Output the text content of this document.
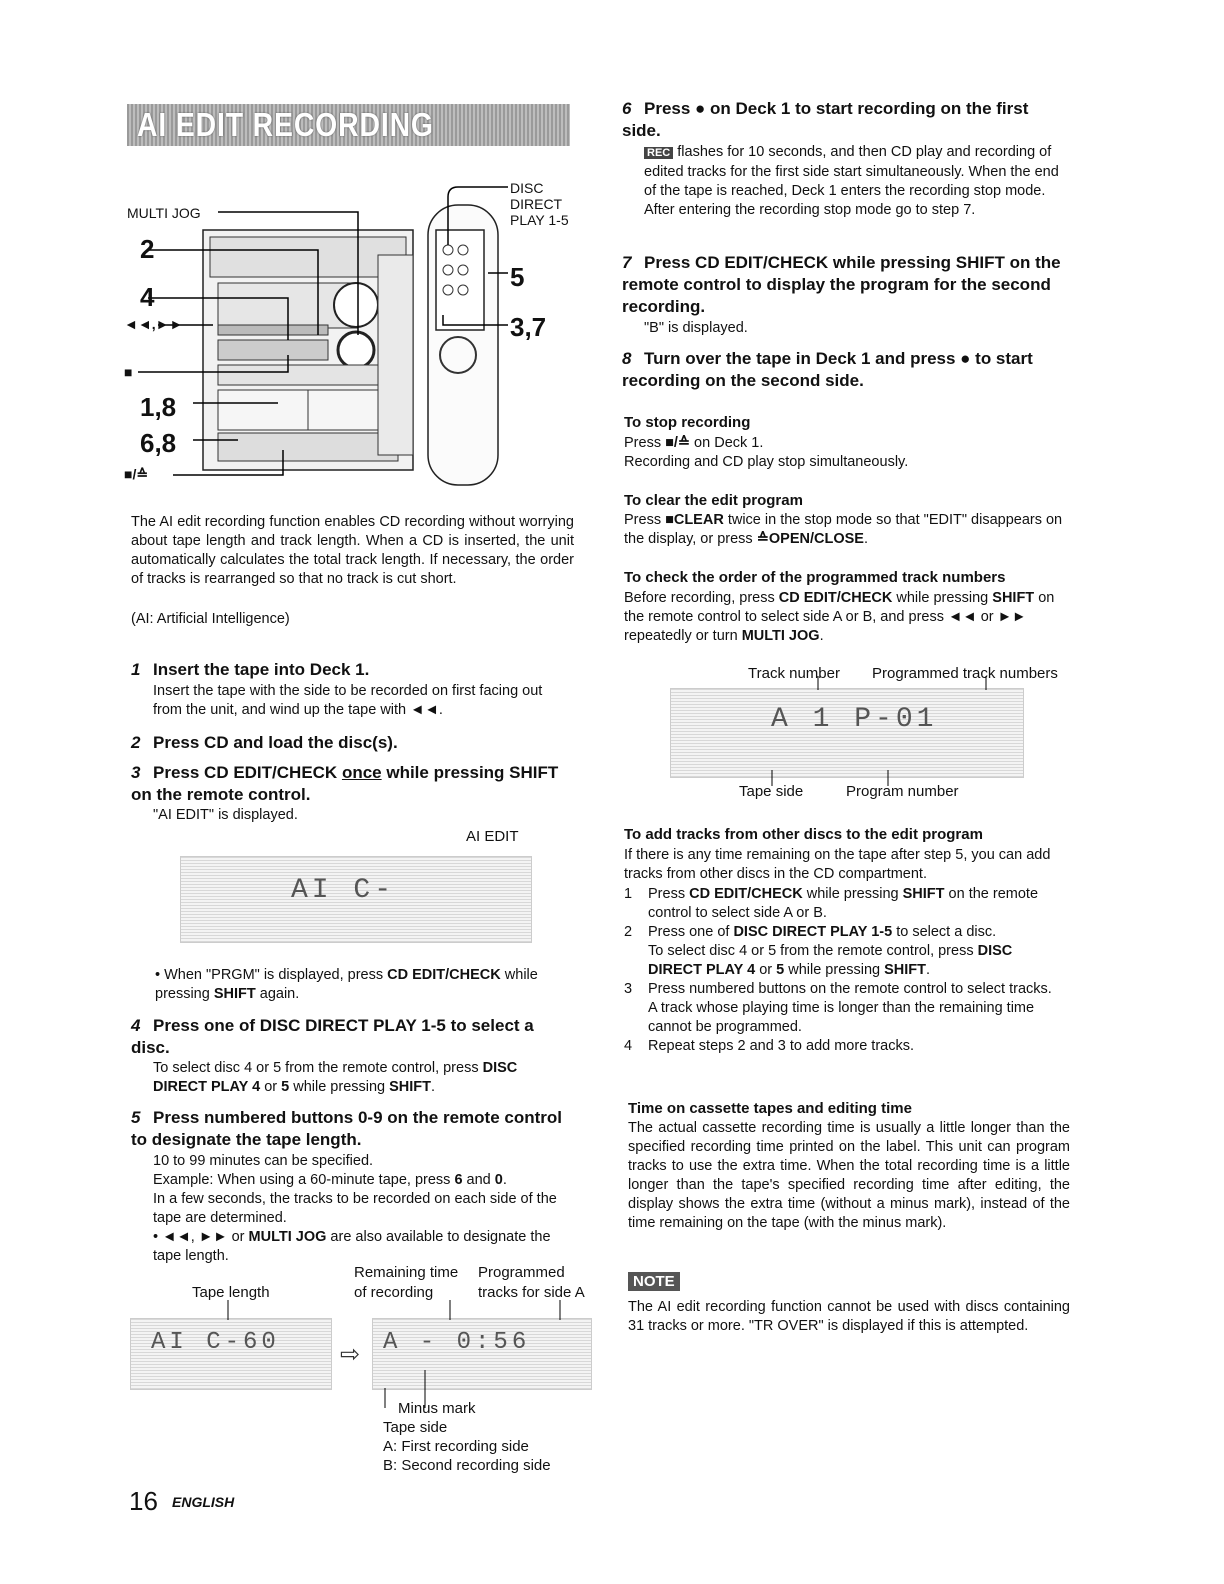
AI EDIT RECORDING
MULTI JOG
DISC
DIRECT
PLAY 1-5
2
4
◄◄,►►
■
1,8
6,8
■/≙
5
3,7
The AI edit recording function enables CD recording without worrying about tape length and track length. When a CD is inserted, the unit automatically calculates the total track length. If necessary, the order of tracks is rearranged so that no track is cut short.
(AI: Artificial Intelligence)
1 Insert the tape into Deck 1.
Insert the tape with the side to be recorded on first facing out from the unit, and wind up the tape with ◄◄.
2 Press CD and load the disc(s).
3 Press CD EDIT/CHECK once while pressing SHIFT on the remote control.
"AI EDIT" is displayed.
AI EDIT
AI C-
• When "PRGM" is displayed, press CD EDIT/CHECK while pressing SHIFT again.
4 Press one of DISC DIRECT PLAY 1-5 to select a disc.
To select disc 4 or 5 from the remote control, press DISC DIRECT PLAY 4 or 5 while pressing SHIFT.
5 Press numbered buttons 0-9 on the remote control to designate the tape length.
10 to 99 minutes can be specified.
Example: When using a 60-minute tape, press 6 and 0.
In a few seconds, the tracks to be recorded on each side of the tape are determined.
• ◄◄, ►► or MULTI JOG are also available to designate the tape length.
Tape length
Remaining time
of recording
Programmed
tracks for side A
AI C-60	⇨ A - 0:56
Minus mark
Tape side
A: First recording side
B: Second recording side
16 ENGLISH
6 Press ● on Deck 1 to start recording on the first side.
REC flashes for 10 seconds, and then CD play and recording of edited tracks for the first side start simultaneously. When the end of the tape is reached, Deck 1 enters the recording stop mode. After entering the recording stop mode go to step 7.
7 Press CD EDIT/CHECK while pressing SHIFT on the remote control to display the program for the second recording.
"B" is displayed.
8 Turn over the tape in Deck 1 and press ● to start recording on the second side.
To stop recording
Press ■/≙ on Deck 1.
Recording and CD play stop simultaneously.
To clear the edit program
Press ■CLEAR twice in the stop mode so that "EDIT" disappears on the display, or press ≙OPEN/CLOSE.
To check the order of the programmed track numbers
Before recording, press CD EDIT/CHECK while pressing SHIFT on the remote control to select side A or B, and press ◄◄ or ►► repeatedly or turn MULTI JOG.
Track number Programmed track numbers
A 1 P-01
Tape side	Program number
To add tracks from other discs to the edit program
If there is any time remaining on the tape after step 5, you can add tracks from other discs in the CD compartment.
1	Press CD EDIT/CHECK while pressing SHIFT on the remote control to select side A or B.
2	Press one of DISC DIRECT PLAY 1-5 to select a disc.
To select disc 4 or 5 from the remote control, press DISC DIRECT PLAY 4 or 5 while pressing SHIFT.
3	Press numbered buttons on the remote control to select tracks.
A track whose playing time is longer than the remaining time cannot be programmed.
4	Repeat steps 2 and 3 to add more tracks.
Time on cassette tapes and editing time
The actual cassette recording time is usually a little longer than the specified recording time printed on the label. This unit can program tracks to use the extra time. When the total recording time is a little longer than the tape's specified recording time after editing, the display shows the extra time (without a minus mark), instead of the time remaining on the tape (with the minus mark).
NOTE
The AI edit recording function cannot be used with discs containing 31 tracks or more. "TR OVER" is displayed if this is attempted.
